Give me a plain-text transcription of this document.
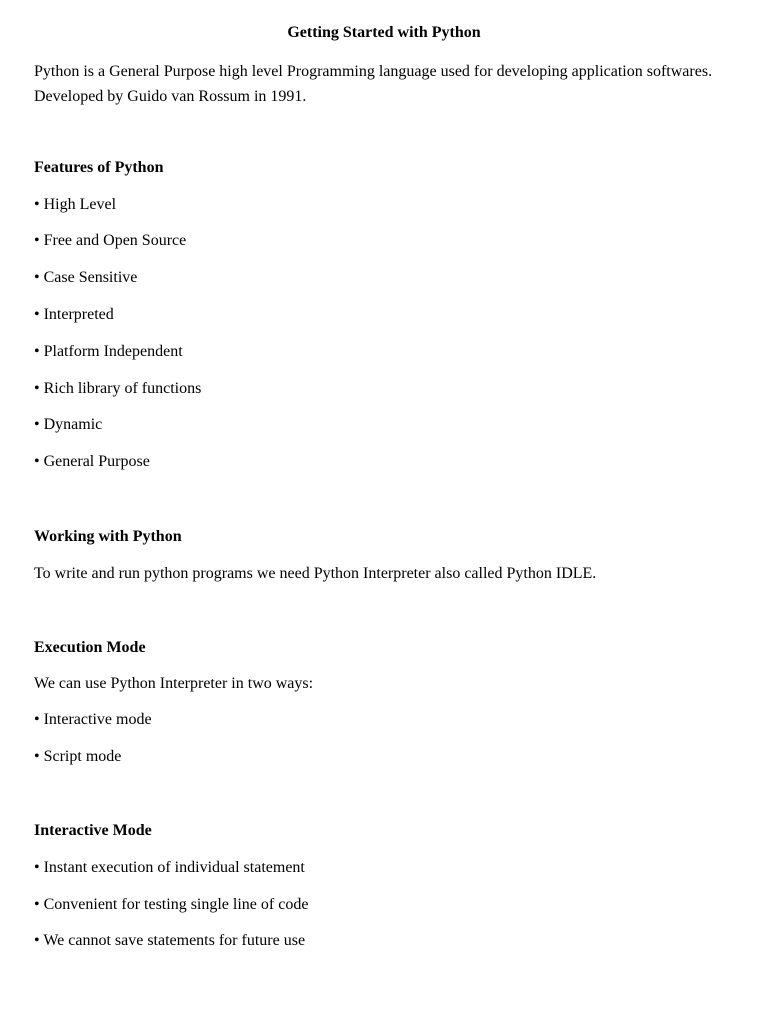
Getting Started with Python

Python is a General Purpose high level Programming language used for developing application softwares. Developed by Guido van Rossum in 1991.

Features of Python

• High Level

• Free and Open Source

• Case Sensitive

• Interpreted

• Platform Independent

• Rich library of functions

• Dynamic

• General Purpose

Working with Python

To write and run python programs we need Python Interpreter also called Python IDLE.

Execution Mode

We can use Python Interpreter in two ways:

• Interactive mode

• Script mode

Interactive Mode

• Instant execution of individual statement

• Convenient for testing single line of code

• We cannot save statements for future use
